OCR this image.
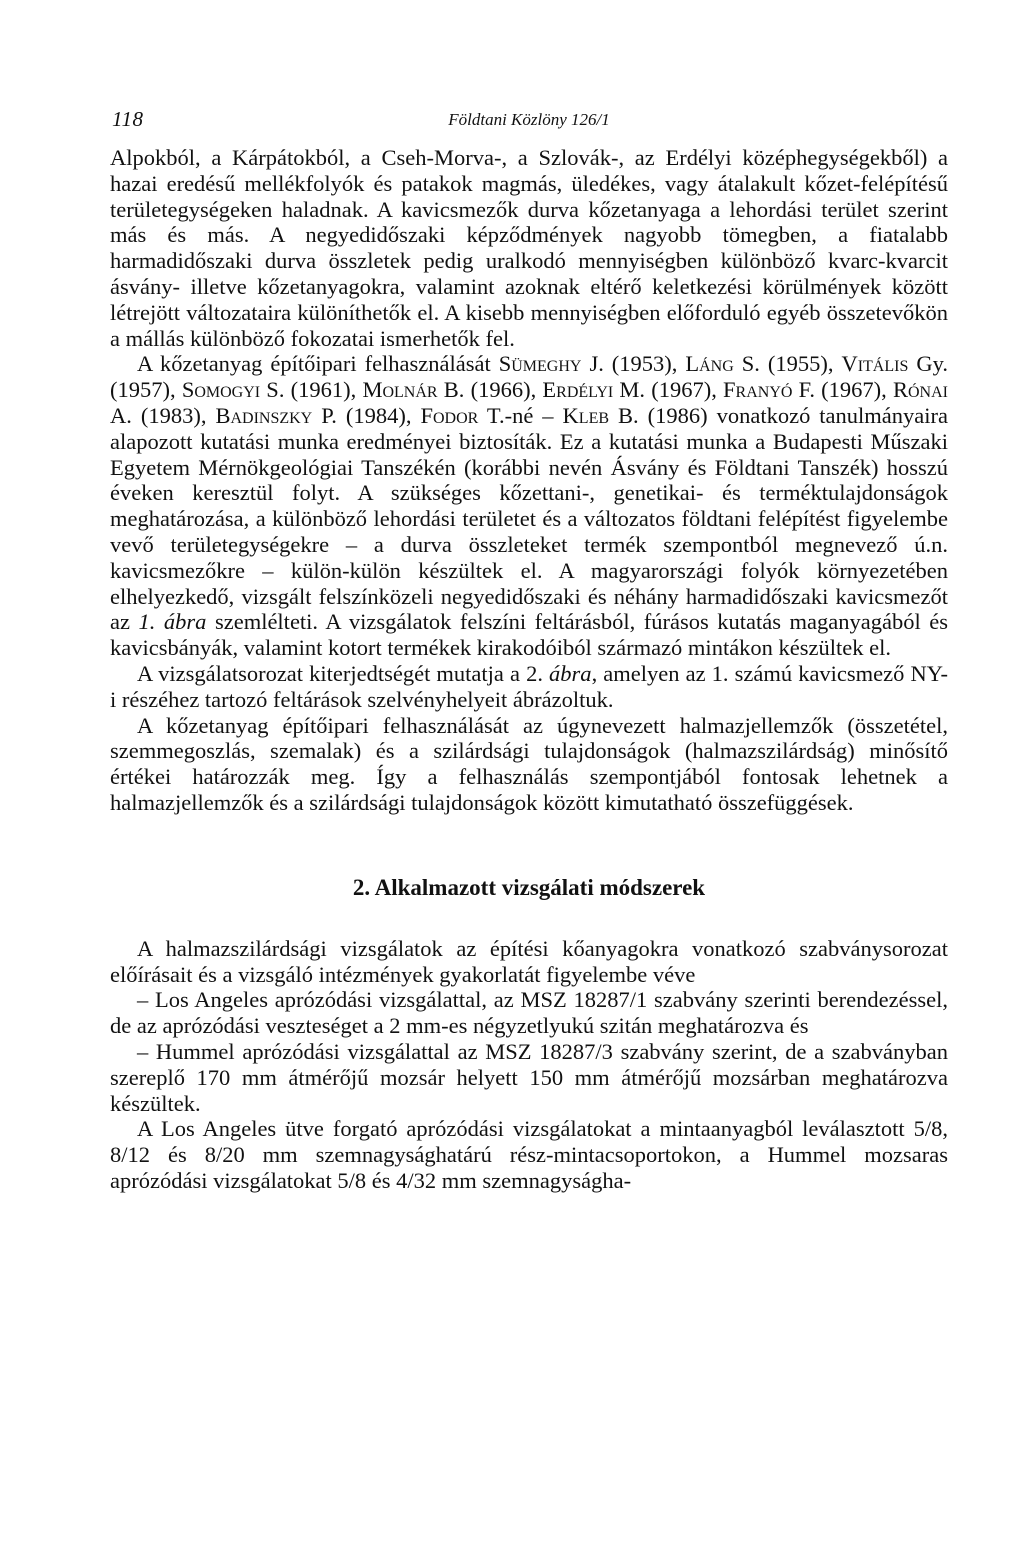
118	Földtani Közlöny 126/1

Alpokból, a Kárpátokból, a Cseh-Morva-, a Szlovák-, az Erdélyi középhegységekből) a hazai eredésű mellékfolyók és patakok magmás, üledékes, vagy átalakult kőzet-felépítésű területegységeken haladnak. A kavicsmezők durva kőzetanyaga a lehordási terület szerint más és más. A negyedidőszaki képződmények nagyobb tömegben, a fiatalabb harmadidőszaki durva összletek pedig uralkodó mennyiségben különböző kvarc-kvarcit ásvány- illetve kőzetanyagokra, valamint azoknak eltérő keletkezési körülmények között létrejött változataira különíthetők el. A kisebb mennyiségben előforduló egyéb összetevőkön a mállás különböző fokozatai ismerhetők fel.

A kőzetanyag építőipari felhasználását Sümeghy J. (1953), Láng S. (1955), Vitális Gy. (1957), Somogyi S. (1961), Molnár B. (1966), Erdélyi M. (1967), Franyó F. (1967), Rónai A. (1983), Badinszky P. (1984), Fodor T.-né – Kleb B. (1986) vonatkozó tanulmányaira alapozott kutatási munka eredményei biztosíták. Ez a kutatási munka a Budapesti Műszaki Egyetem Mérnökgeológiai Tanszékén (korábbi nevén Ásvány és Földtani Tanszék) hosszú éveken keresztül folyt. A szükséges kőzettani-, genetikai- és terméktulajdonságok meghatározása, a különböző lehordási területet és a változatos földtani felépítést figyelembe vevő területegységekre – a durva összleteket termék szempontból megnevező ú.n. kavicsmezőkre – külön-külön készültek el. A magyarországi folyók környezetében elhelyezkedő, vizsgált felszínközeli negyedidőszaki és néhány harmadidőszaki kavicsmezőt az 1. ábra szemlélteti. A vizsgálatok felszíni feltárásból, fúrásos kutatás maganyagából és kavicsbányák, valamint kotort termékek kirakodóiból származó mintákon készültek el.

A vizsgálatsorozat kiterjedtségét mutatja a 2. ábra, amelyen az 1. számú kavicsmező NY-i részéhez tartozó feltárások szelvényhelyeit ábrázoltuk.

A kőzetanyag építőipari felhasználását az úgynevezett halmazjellemzők (összetétel, szemmegoszlás, szemalak) és a szilárdsági tulajdonságok (halmazszilárdság) minősítő értékei határozzák meg. Így a felhasználás szempontjából fontosak lehetnek a halmazjellemzők és a szilárdsági tulajdonságok között kimutatható összefüggések.

2. Alkalmazott vizsgálati módszerek

A halmazszilárdsági vizsgálatok az építési kőanyagokra vonatkozó szabványsorozat előírásait és a vizsgáló intézmények gyakorlatát figyelembe véve

– Los Angeles aprózódási vizsgálattal, az MSZ 18287/1 szabvány szerinti berendezéssel, de az aprózódási veszteséget a 2 mm-es négyzetlyukú szitán meghatározva és

– Hummel aprózódási vizsgálattal az MSZ 18287/3 szabvány szerint, de a szabványban szereplő 170 mm átmérőjű mozsár helyett 150 mm átmérőjű mozsárban meghatározva készültek.

A Los Angeles ütve forgató aprózódási vizsgálatokat a mintaanyagból leválasztott 5/8, 8/12 és 8/20 mm szemnagysághatárú rész-mintacsoportokon, a Hummel mozsaras aprózódási vizsgálatokat 5/8 és 4/32 mm szemnagyságha-
